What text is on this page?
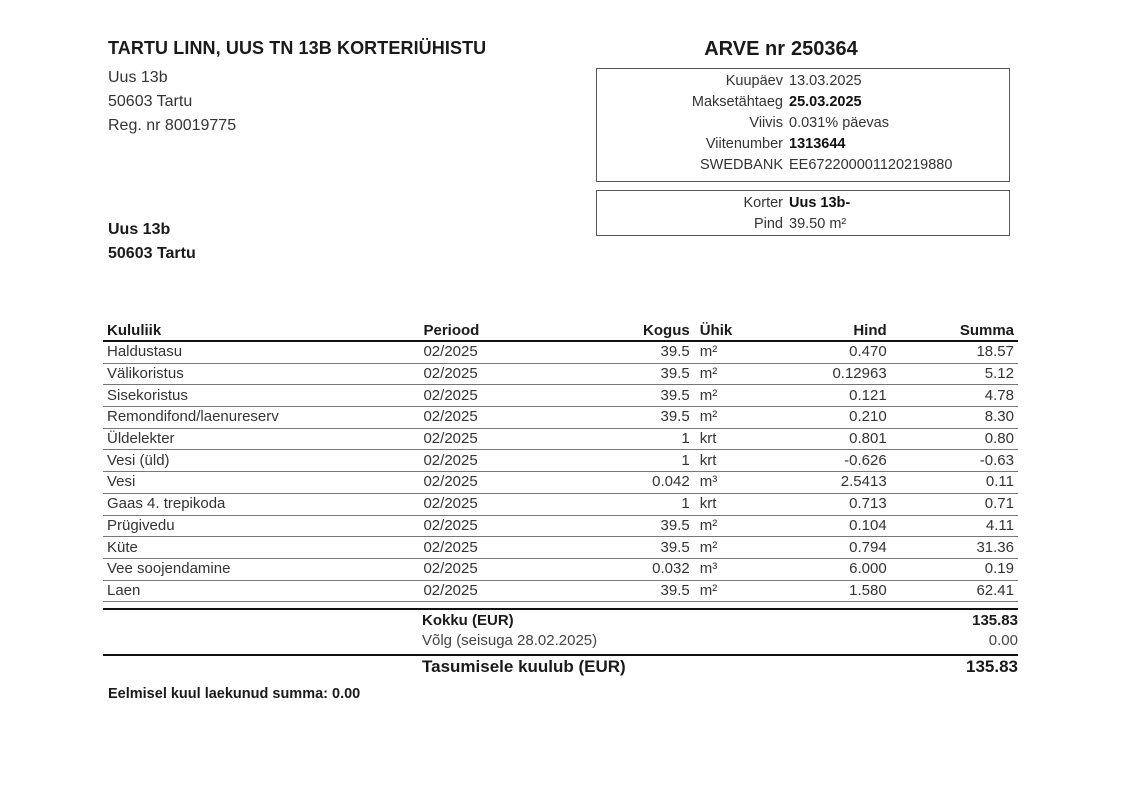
TARTU LINN, UUS TN 13B KORTERIÜHISTU
Uus 13b
50603 Tartu
Reg. nr 80019775
Uus 13b
50603 Tartu
ARVE nr 250364
Kuupäev 13.03.2025
Maksetähtaeg 25.03.2025
Viivis 0.031% päevas
Viitenumber 1313644
SWEDBANK EE672200001120219880
Korter Uus 13b-
Pind 39.50 m²
Kululiik	Periood	Kogus	Ühik	Hind	Summa
Haldustasu	02/2025	39.5	m²	0.470	18.57
Välikoristus	02/2025	39.5	m²	0.12963	5.12
Sisekoristus	02/2025	39.5	m²	0.121	4.78
Remondifond/laenureserv	02/2025	39.5	m²	0.210	8.30
Üldelekter	02/2025	1	krt	0.801	0.80
Vesi (üld)	02/2025	1	krt	-0.626	-0.63
Vesi	02/2025	0.042	m³	2.5413	0.11
Gaas 4. trepikoda	02/2025	1	krt	0.713	0.71
Prügivedu	02/2025	39.5	m²	0.104	4.11
Küte	02/2025	39.5	m²	0.794	31.36
Vee soojendamine	02/2025	0.032	m³	6.000	0.19
Laen	02/2025	39.5	m²	1.580	62.41
Kokku (EUR)	135.83
Võlg (seisuga 28.02.2025)	0.00
Tasumisele kuulub (EUR)	135.83
Eelmisel kuul laekunud summa: 0.00
